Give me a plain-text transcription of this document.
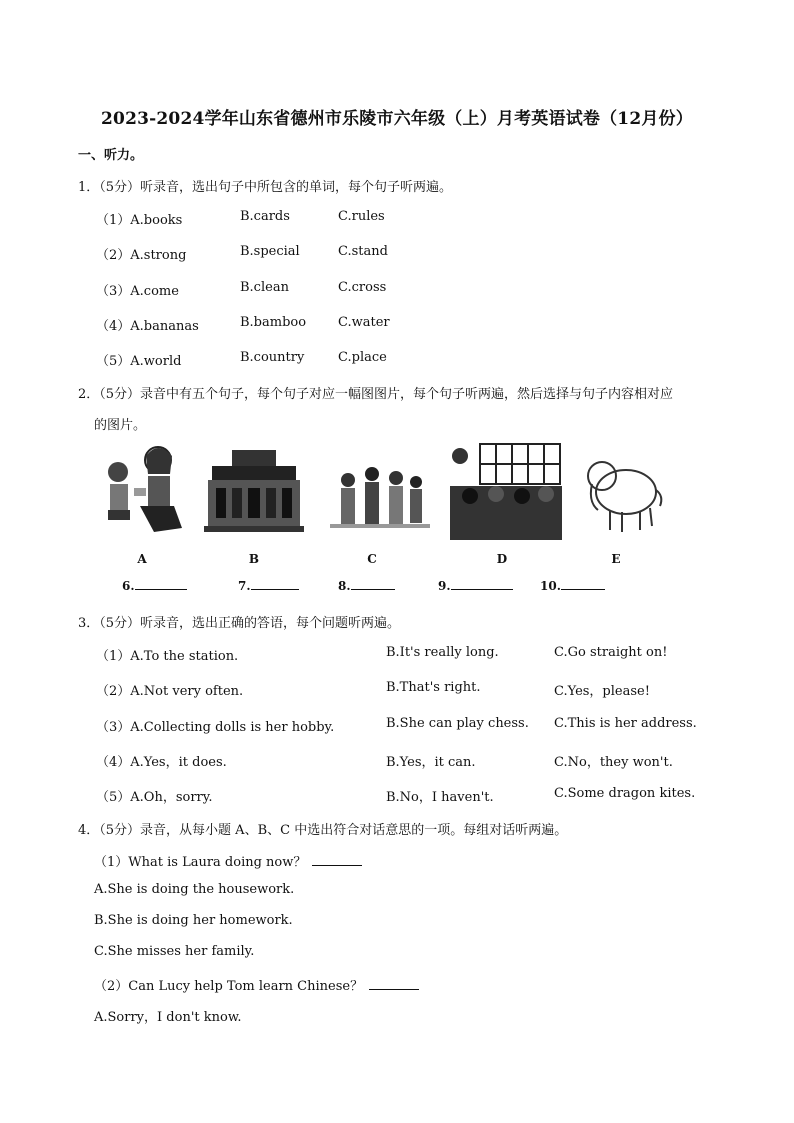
2023-2024学年山东省德州市乐陵市六年级（上）月考英语试卷（12月份）
一、听力。
1．（5分）听录音，选出句子中所包含的单词，每个句子听两遍。
（1）A.books	B.cards	C.rules
（2）A.strong	B.special	C.stand
（3）A.come	B.clean	C.cross
（4）A.bananas	B.bamboo C.water
（5）A.world	B.country	C.place
2．（5分）录音中有五个句子，每个句子对应一幅图图片，每个句子听两遍，然后选择与句子内容相对应
的图片。
A	B	C	D	E
6.	7.	8.	9.	10.
3．（5分）听录音，选出正确的答语，每个问题听两遍。
（1）A.To the station.	B.It's really long.	C.Go straight on!
（2）A.Not very often.	B.That's right.	C.Yes，please!
（3）A.Collecting dolls is her hobby.	B.She can play chess. C.This is her address.
（4）A.Yes，it does.	B.Yes，it can.	C.No，they won't.
（5）A.Oh，sorry.	B.No，I haven't.	C.Some dragon kites.
4．（5分）录音，从每小题 A、B、C 中选出符合对话意思的一项。每组对话听两遍。
（1）What is Laura doing now？
A.She is doing the housework.
B.She is doing her homework.
C.She misses her family.
（2）Can Lucy help Tom learn Chinese？
A.Sorry，I don't know.
